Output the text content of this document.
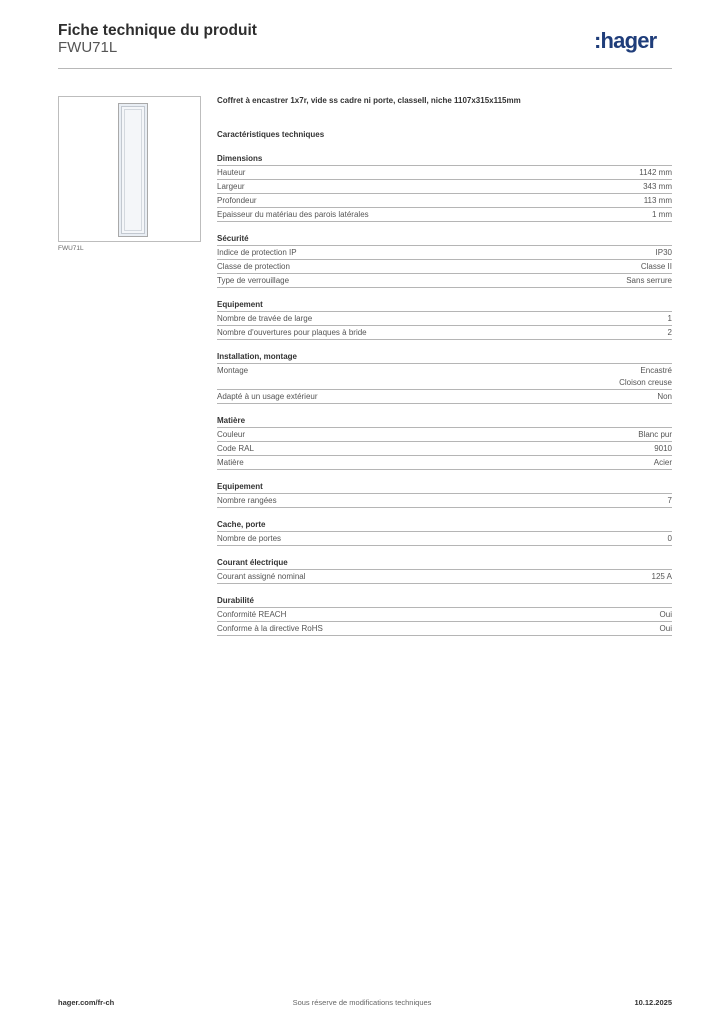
Fiche technique du produit
FWU71L	:hager
FWU71L
Coffret à encastrer 1x7r, vide ss cadre ni porte, classeII, niche 1107x315x115mm
Caractéristiques techniques
Dimensions
Hauteur	1142 mm
Largeur	343 mm
Profondeur	113 mm
Epaisseur du matériau des parois latérales	1 mm
Sécurité
Indice de protection IP	IP30
Classe de protection	Classe II
Type de verrouillage	Sans serrure
Equipement
Nombre de travée de large	1
Nombre d'ouvertures pour plaques à bride	2
Installation, montage
Montage	Encastré
Cloison creuse
Adapté à un usage extérieur	Non
Matière
Couleur	Blanc pur
Code RAL	9010
Matière	Acier
Equipement
Nombre rangées	7
Cache, porte
Nombre de portes	0
Courant électrique
Courant assigné nominal	125 A
Durabilité
Conformité REACH	Oui
Conforme à la directive RoHS	Oui
hager.com/fr-ch	Sous réserve de modifications techniques	10.12.2025
